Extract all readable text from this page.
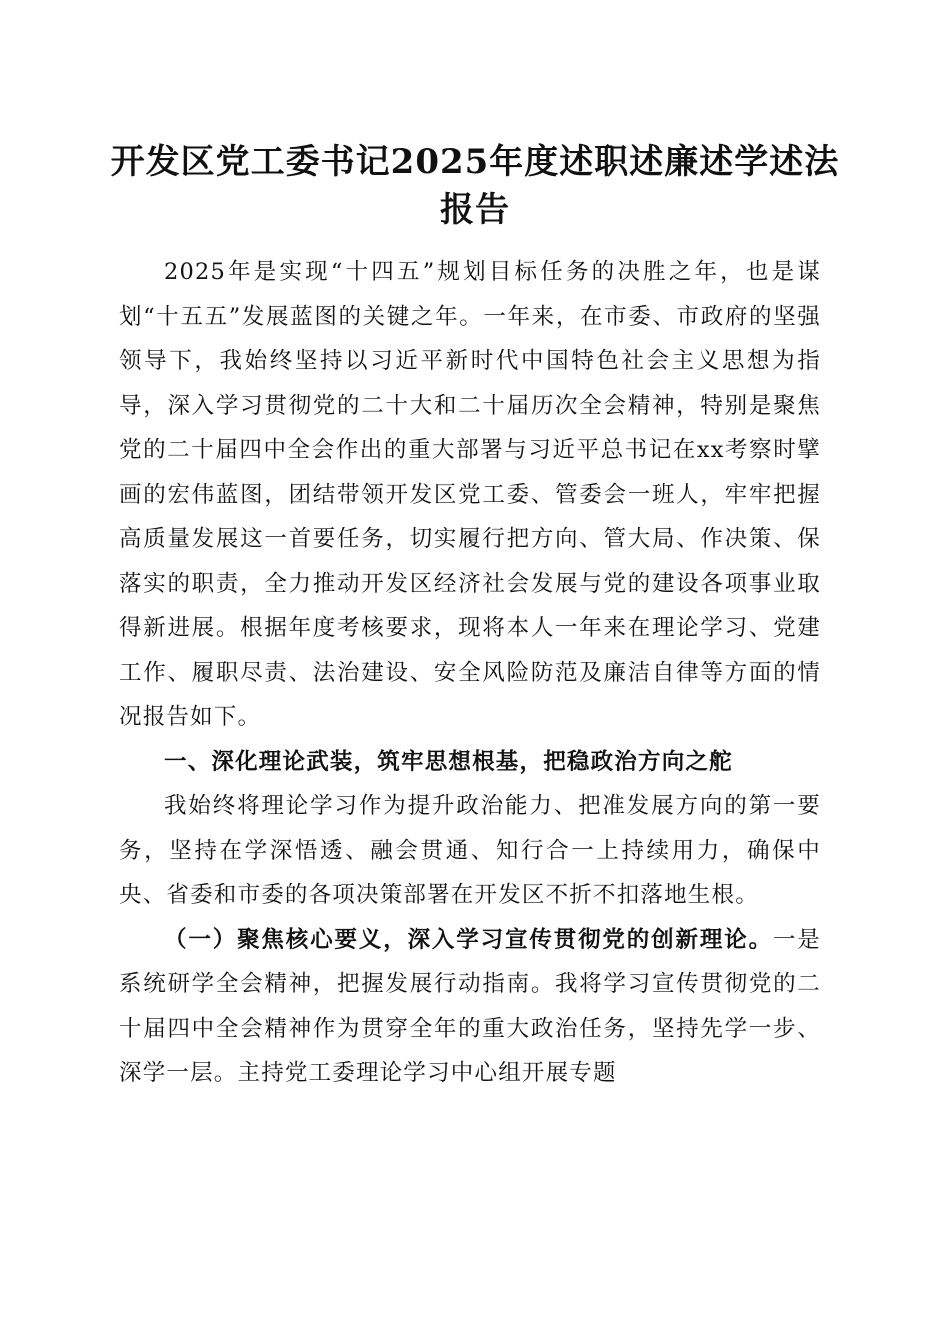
开发区党工委书记2025年度述职述廉述学述法报告

2025年是实现“十四五”规划目标任务的决胜之年，也是谋划“十五五”发展蓝图的关键之年。一年来，在市委、市政府的坚强领导下，我始终坚持以习近平新时代中国特色社会主义思想为指导，深入学习贯彻党的二十大和二十届历次全会精神，特别是聚焦党的二十届四中全会作出的重大部署与习近平总书记在xx考察时擘画的宏伟蓝图，团结带领开发区党工委、管委会一班人，牢牢把握高质量发展这一首要任务，切实履行把方向、管大局、作决策、保落实的职责，全力推动开发区经济社会发展与党的建设各项事业取得新进展。根据年度考核要求，现将本人一年来在理论学习、党建工作、履职尽责、法治建设、安全风险防范及廉洁自律等方面的情况报告如下。

一、深化理论武装，筑牢思想根基，把稳政治方向之舵

我始终将理论学习作为提升政治能力、把准发展方向的第一要务，坚持在学深悟透、融会贯通、知行合一上持续用力，确保中央、省委和市委的各项决策部署在开发区不折不扣落地生根。

（一）聚焦核心要义，深入学习宣传贯彻党的创新理论。一是系统研学全会精神，把握发展行动指南。我将学习宣传贯彻党的二十届四中全会精神作为贯穿全年的重大政治任务，坚持先学一步、深学一层。主持党工委理论学习中心组开展专题
